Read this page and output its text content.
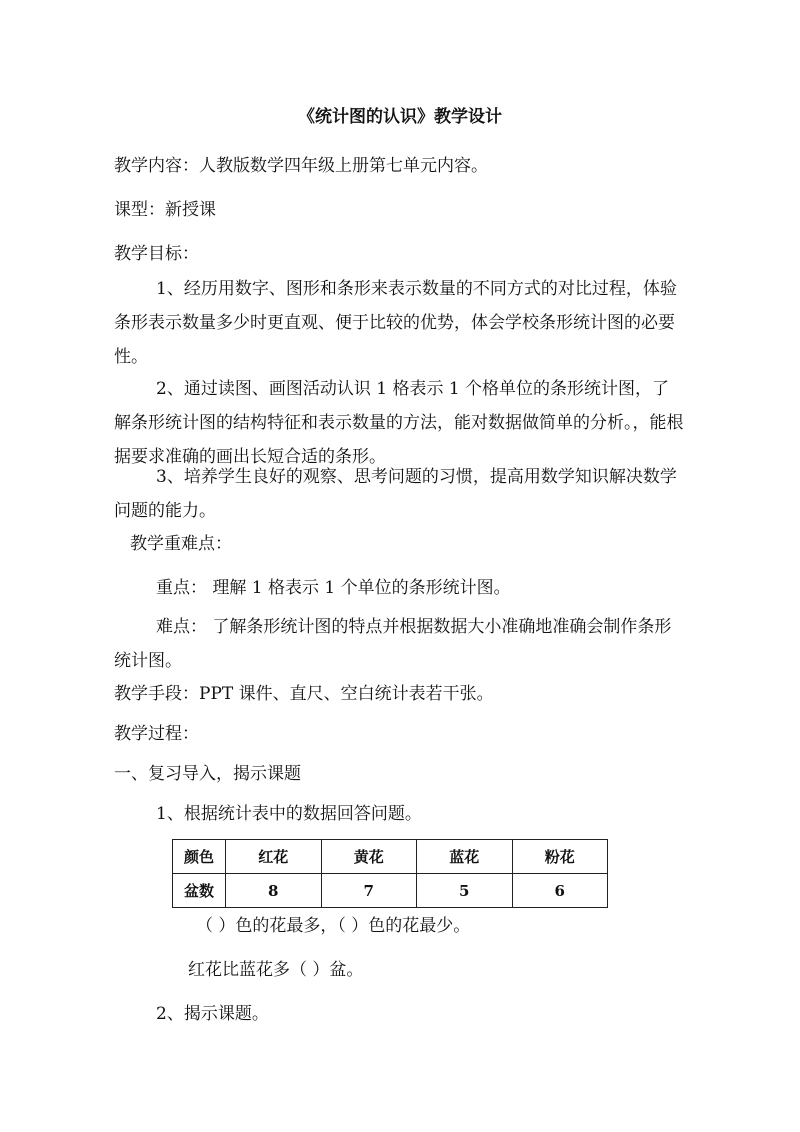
《统计图的认识》教学设计
教学内容：人教版数学四年级上册第七单元内容。
课型：新授课
教学目标：
1、经历用数字、图形和条形来表示数量的不同方式的对比过程，体验条形表示数量多少时更直观、便于比较的优势，体会学校条形统计图的必要性。
2、通过读图、画图活动认识 1 格表示 1 个格单位的条形统计图，了解条形统计图的结构特征和表示数量的方法，能对数据做简单的分析。，能根据要求准确的画出长短合适的条形。
3、培养学生良好的观察、思考问题的习惯，提高用数学知识解决数学问题的能力。
教学重难点：
重点： 理解 1 格表示 1 个单位的条形统计图。
难点： 了解条形统计图的特点并根据数据大小准确地准确会制作条形统计图。
教学手段：PPT 课件、直尺、空白统计表若干张。
教学过程：
一、复习导入，揭示课题
1、根据统计表中的数据回答问题。
颜色	红花	黄花	蓝花	粉花
盆数	8	7	5	6
（ ）色的花最多，（ ）色的花最少。
红花比蓝花多（ ）盆。
2、揭示课题。
